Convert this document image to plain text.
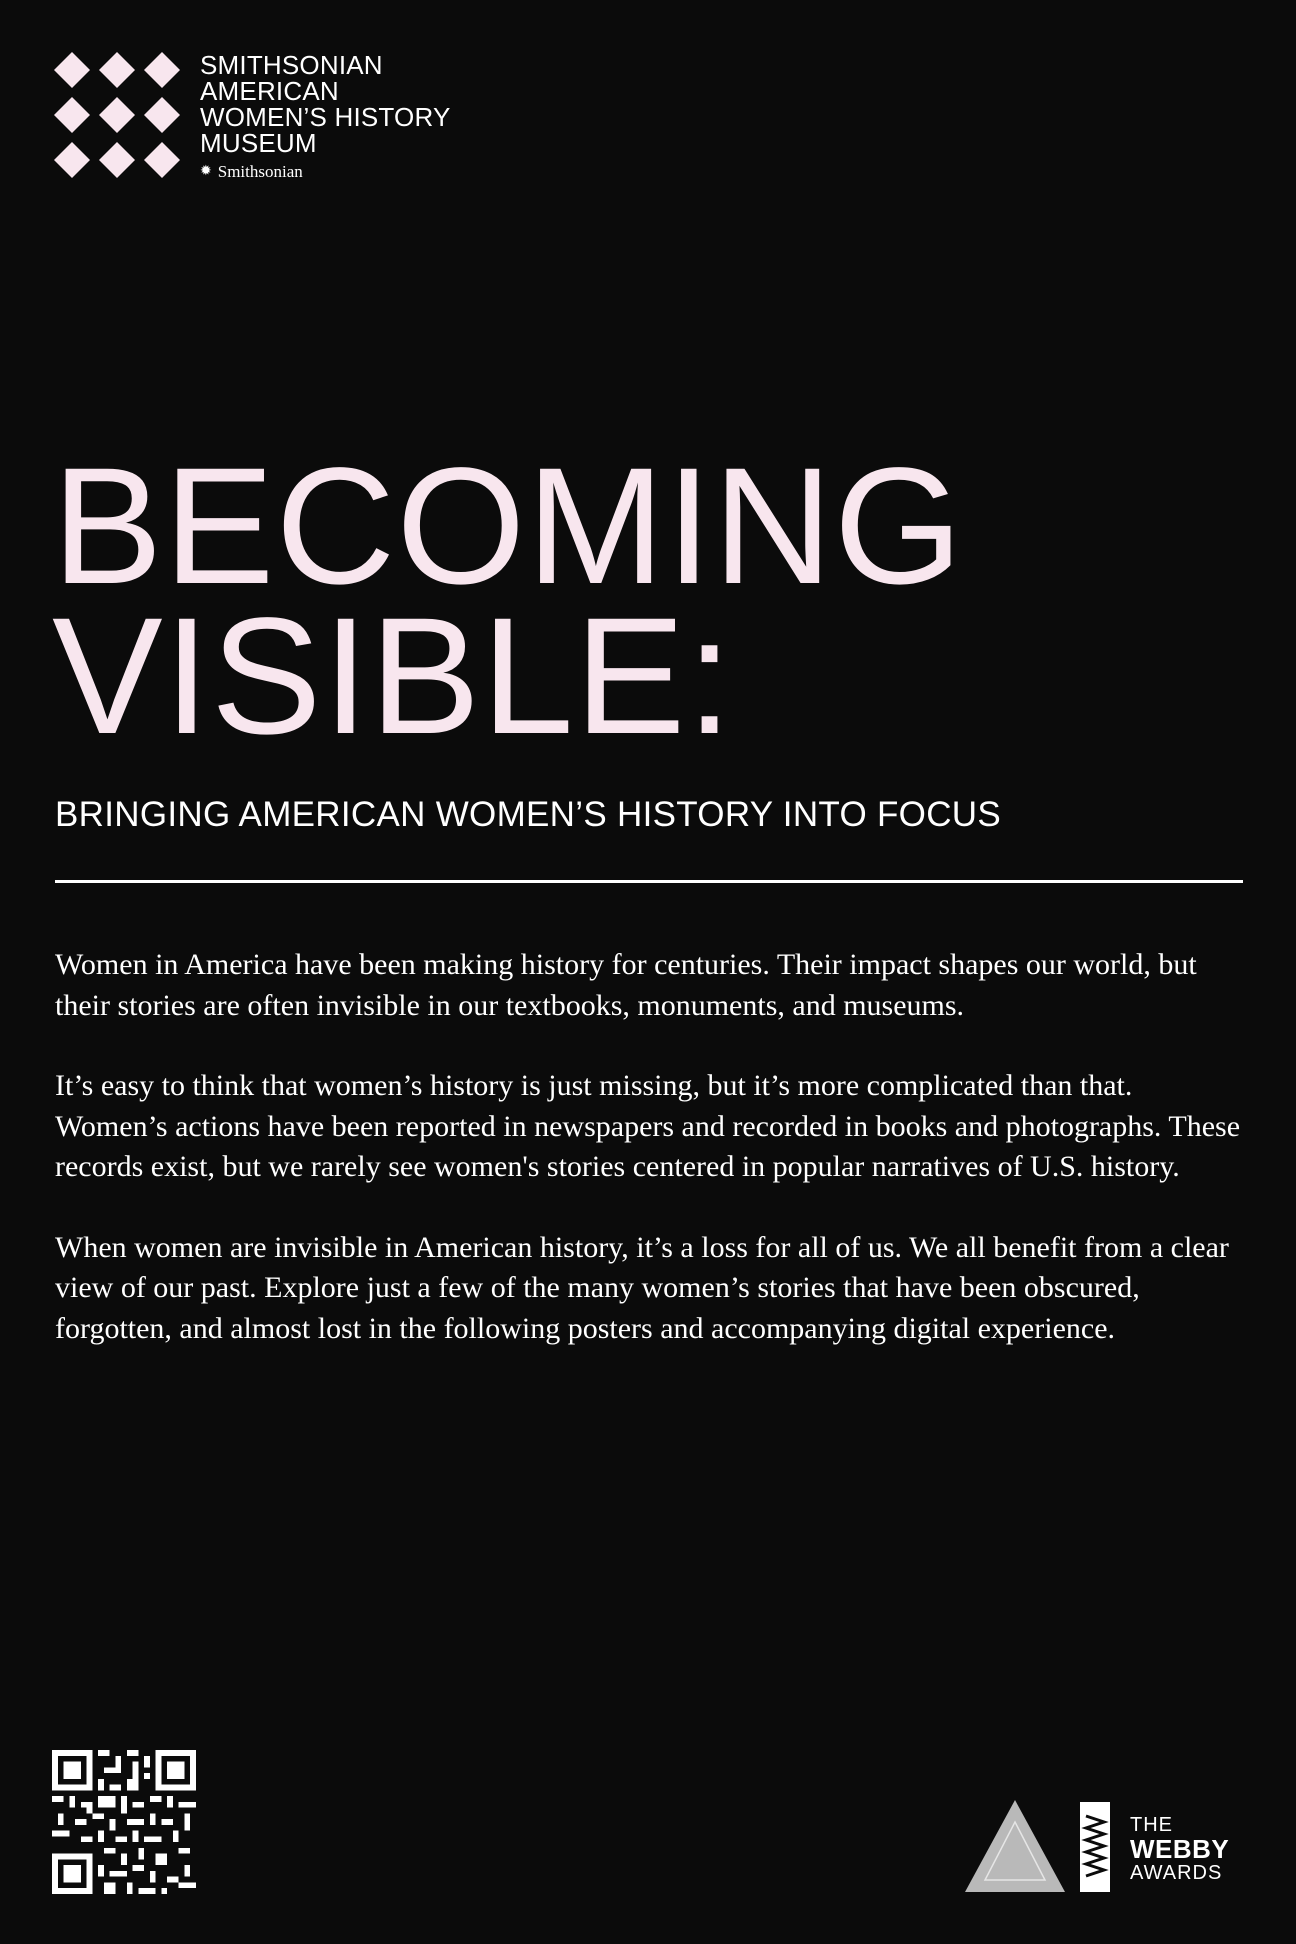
SMITHSONIAN
AMERICAN
WOMEN’S HISTORY
MUSEUM
✹ Smithsonian
BECOMING
VISIBLE:
BRINGING AMERICAN WOMEN’S HISTORY INTO FOCUS

Women in America have been making history for centuries. Their impact shapes our world, but their stories are often invisible in our textbooks, monuments, and museums.

It’s easy to think that women’s history is just missing, but it’s more complicated than that. Women’s actions have been reported in newspapers and recorded in books and photographs. These records exist, but we rarely see women's stories centered in popular narratives of U.S. history.

When women are invisible in American history, it’s a loss for all of us. We all benefit from a clear view of our past. Explore just a few of the many women’s stories that have been obscured, forgotten, and almost lost in the following posters and accompanying digital experience.

THE
WEBBY
AWARDS
